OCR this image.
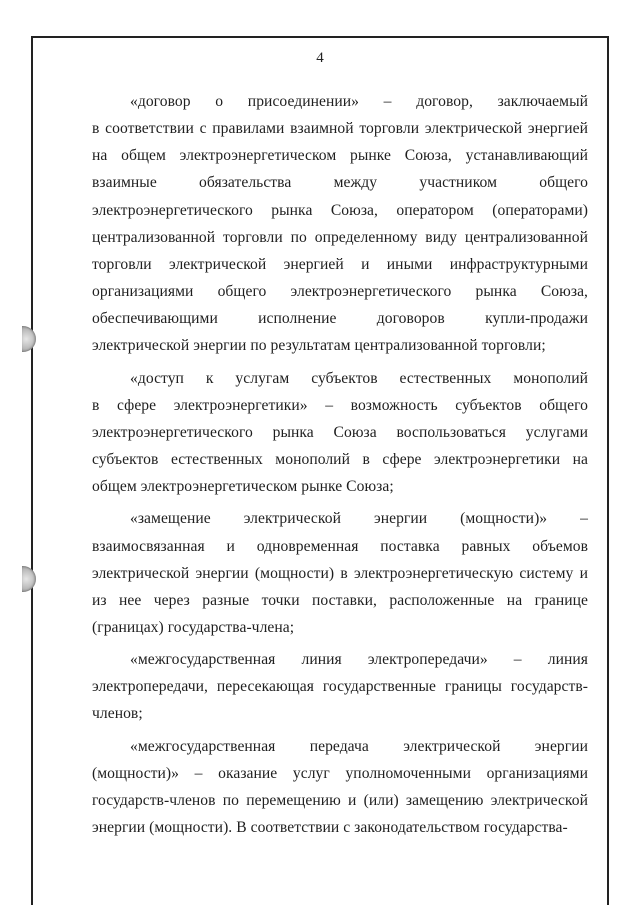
4

«договор о присоединении» – договор, заключаемый
в соответствии с правилами взаимной торговли электрической энергией
на общем электроэнергетическом рынке Союза, устанавливающий
взаимные обязательства между участником общего
электроэнергетического рынка Союза, оператором (операторами)
централизованной торговли по определенному виду централизованной
торговли электрической энергией и иными инфраструктурными
организациями общего электроэнергетического рынка Союза,
обеспечивающими исполнение договоров купли-продажи
электрической энергии по результатам централизованной торговли;

«доступ к услугам субъектов естественных монополий
в сфере электроэнергетики» – возможность субъектов общего
электроэнергетического рынка Союза воспользоваться услугами
субъектов естественных монополий в сфере электроэнергетики на
общем электроэнергетическом рынке Союза;

«замещение электрической энергии (мощности)» –
взаимосвязанная и одновременная поставка равных объемов
электрической энергии (мощности) в электроэнергетическую систему и
из нее через разные точки поставки, расположенные на границе
(границах) государства-члена;

«межгосударственная линия электропередачи» – линия
электропередачи, пересекающая государственные границы государств-
членов;

«межгосударственная передача электрической энергии
(мощности)» – оказание услуг уполномоченными организациями
государств-членов по перемещению и (или) замещению электрической
энергии (мощности). В соответствии с законодательством государства-
